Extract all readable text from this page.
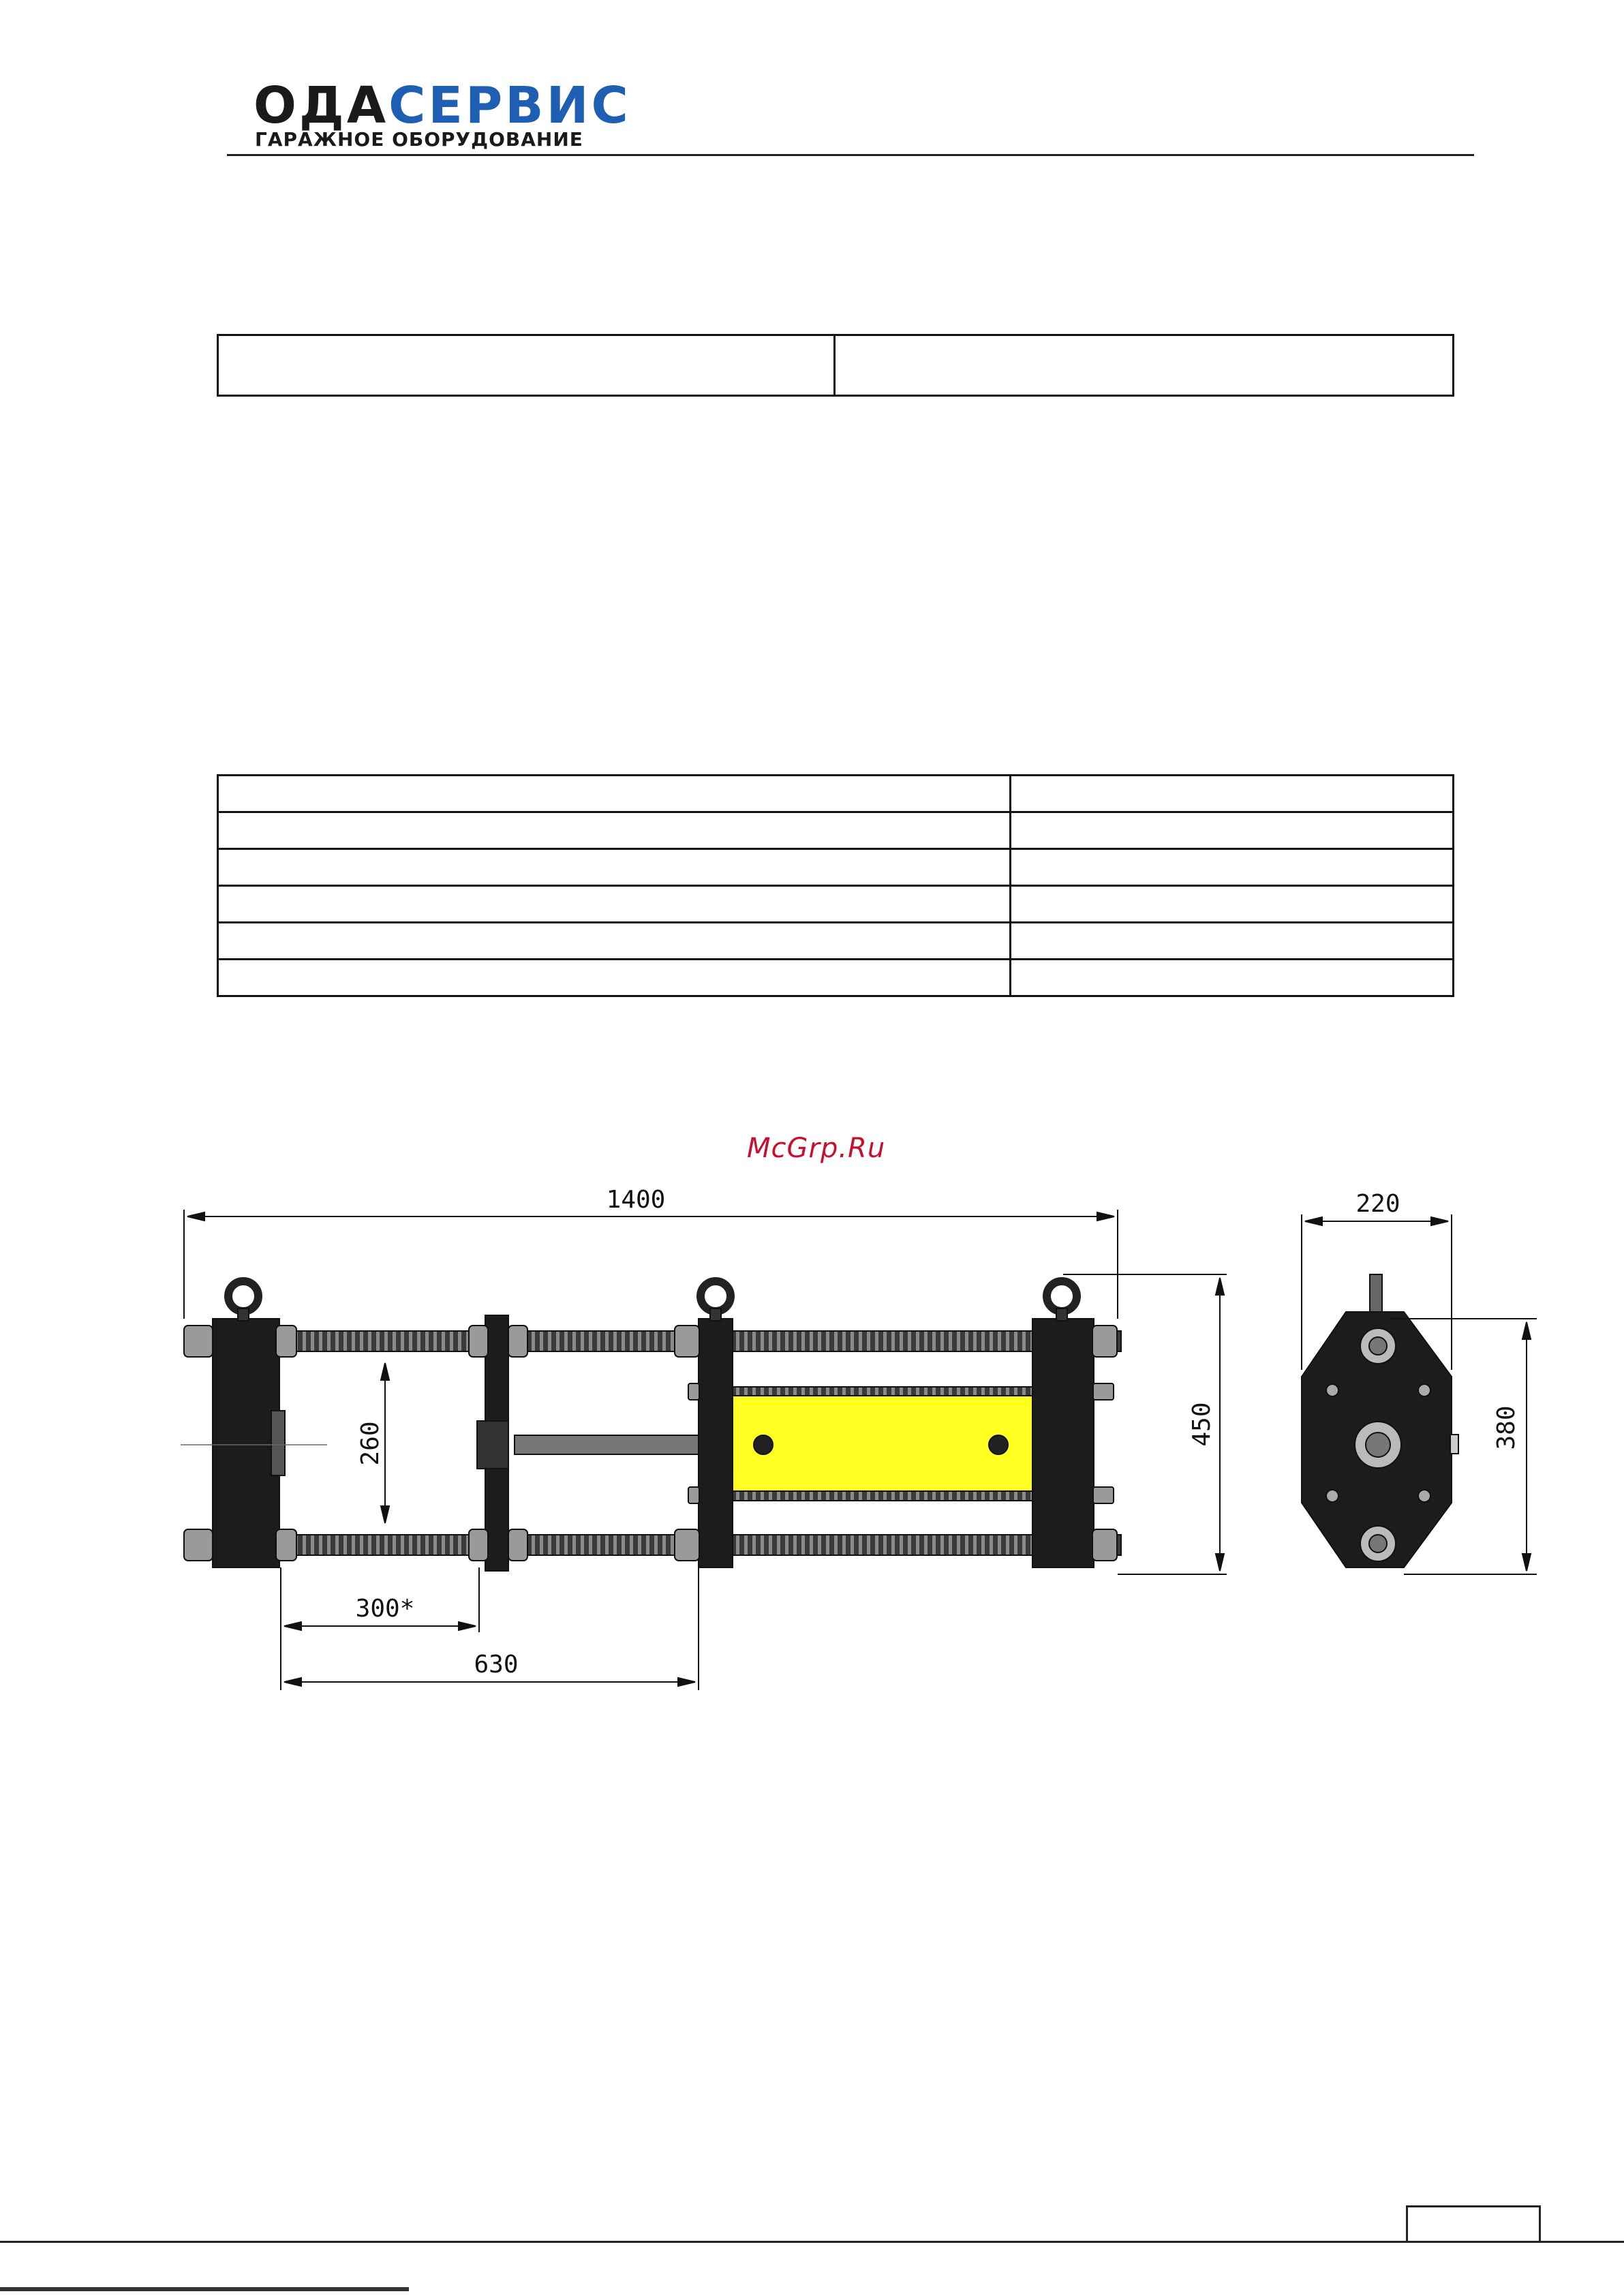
ОДАСЕРВИС
ГАРАЖНОЕ ОБОРУДОВАНИЕ

McGrp.Ru
1400
260
300*
630
450
220
380
